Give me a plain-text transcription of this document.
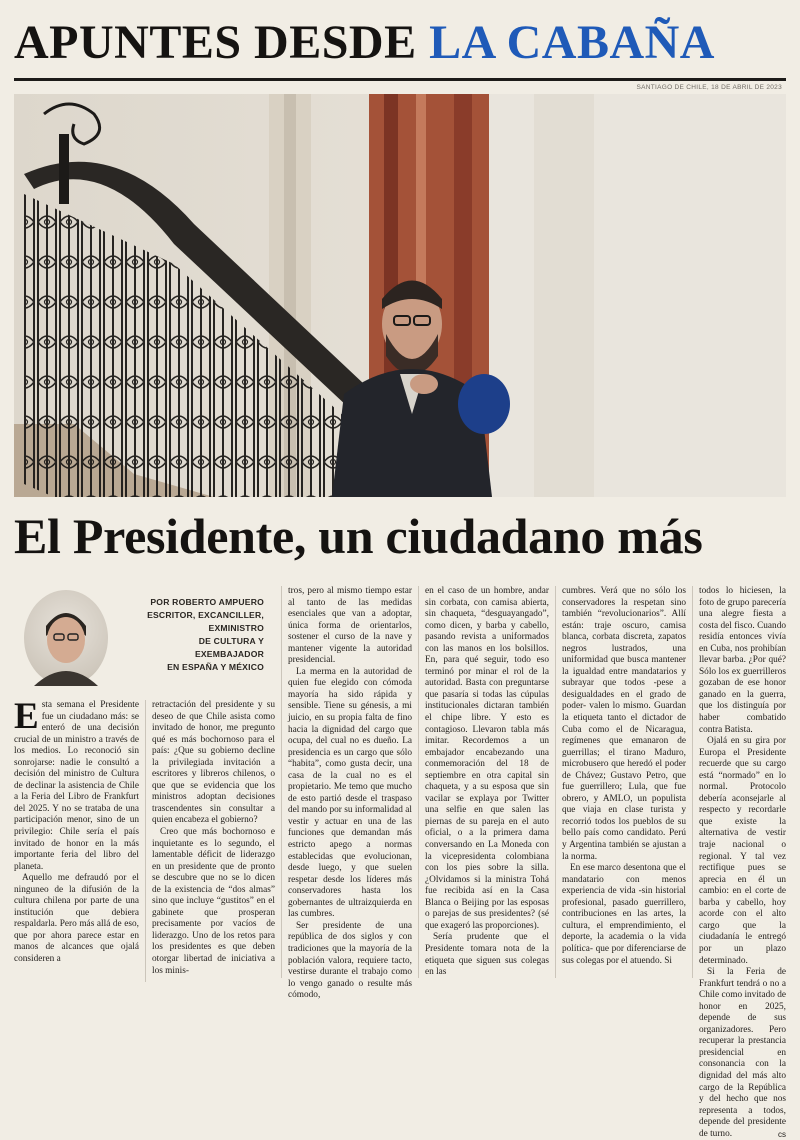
APUNTES DESDE LA CABAÑA
SANTIAGO DE CHILE, 18 DE ABRIL DE 2023
El Presidente, un ciudadano más
POR ROBERTO AMPUERO
ESCRITOR, EXCANCILLER,
EXMINISTRO
DE CULTURA Y
EXEMBAJADOR
EN ESPAÑA Y MÉXICO

Esta semana el Presidente fue un ciudadano más: se enteró de una decisión crucial de un ministro a través de los medios. Lo reconoció sin sonrojarse: nadie le consultó a decisión del ministro de Cultura de declinar la asistencia de Chile a la Feria del Libro de Frankfurt del 2025. Y no se trataba de una participación menor, sino de un privilegio: Chile sería el país invitado de honor en la más importante feria del libro del planeta.

Aquello me defraudó por el ninguneo de la difusión de la cultura chilena por parte de una institución que debiera respaldarla. Pero más allá de eso, que por ahora parece estar en manos de alcances que ojalá consideren a

retractación del presidente y su deseo de que Chile asista como invitado de honor, me pregunto qué es más bochornoso para el país: ¿Que su gobierno decline la privilegiada invitación a escritores y libreros chilenos, o que que se evidencia que los ministros adoptan decisiones trascendentes sin consultar a quien encabeza el gobierno?

Creo que más bochornoso e inquietante es lo segundo, el lamentable déficit de liderazgo en un presidente que de pronto se descubre que no se lo dicen de la existencia de “dos almas” sino que incluye “gustitos” en el gabinete que prosperan precisamente por vacíos de liderazgo. Uno de los retos para los presidentes es que deben otorgar libertad de iniciativa a los minis-

tros, pero al mismo tiempo estar al tanto de las medidas esenciales que van a adoptar, única forma de orientarlos, sostener el curso de la nave y mantener vigente la autoridad presidencial.

La merma en la autoridad de quien fue elegido con cómoda mayoría ha sido rápida y sensible. Tiene su génesis, a mi juicio, en su propia falta de fino hacia la dignidad del cargo que ocupa, del cual no es dueño. La presidencia es un cargo que sólo “habita”, como gusta decir, una casa de la cual no es el propietario. Me temo que mucho de esto partió desde el traspaso del mando por su informalidad al vestir y actuar en una de las funciones que demandan más estricto apego a normas establecidas que evolucionan, desde luego, y que suelen respetar desde los líderes más conservadores hasta los gobernantes de ultraizquierda en las cumbres.

Ser presidente de una república de dos siglos y con tradiciones que la mayoría de la población valora, requiere tacto, vestirse durante el trabajo como lo vengo ganado o resulte más cómodo,

en el caso de un hombre, andar sin corbata, con camisa abierta, sin chaqueta, “desguayangado”, como dicen, y barba y cabello, pasando revista a uniformados con las manos en los bolsillos. En, para qué seguir, todo eso terminó por minar el rol de la autoridad. Basta con preguntarse que pasaría si todas las cúpulas institucionales dictaran también el chipe libre. Y esto es contagioso. Llevaron tabla más imitar. Recordemos a un embajador encabezando una conmemoración del 18 de septiembre en otra capital sin chaqueta, y a su esposa que sin vacilar se explaya por Twitter una selfie en que salen las piernas de su pareja en el auto oficial, o a la primera dama conversando en La Moneda con la vicepresidenta colombiana con los pies sobre la silla. ¿Olvidamos si la ministra Tohá fue recibida así en la Casa Blanca o Beijing por las esposas o parejas de sus presidentes? (sé que exageró las proporciones).

Sería prudente que el Presidente tomara nota de la etiqueta que siguen sus colegas en las

cumbres. Verá que no sólo los conservadores la respetan sino también “revolucionarios”. Allí están: traje oscuro, camisa blanca, corbata discreta, zapatos negros lustrados, una uniformidad que busca mantener la igualdad entre mandatarios y subrayar que todos -pese a desigualdades en el grado de poder- valen lo mismo. Guardan la etiqueta tanto el dictador de Cuba como el de Nicaragua, regímenes que emanaron de guerrillas; el tirano Maduro, microbusero que heredó el poder de Chávez; Gustavo Petro, que fue guerrillero; Lula, que fue obrero, y AMLO, un populista que viaja en clase turista y recorrió todos los pueblos de su bello país como candidato. Perú y Argentina también se ajustan a la norma.

En ese marco desentona que el mandatario con menos experiencia de vida -sin historial profesional, pasado guerrillero, contribuciones en las artes, la cultura, el emprendimiento, el deporte, la academia o la vida política- que por diferenciarse de sus colegas por el atuendo. Si

todos lo hiciesen, la foto de grupo parecería una alegre fiesta a costa del fisco. Cuando residía entonces vivía en Cuba, nos prohibían llevar barba. ¿Por qué? Sólo los ex guerrilleros gozaban de ese honor ganado en la guerra, que los distinguía por haber combatido contra Batista.

Ojalá en su gira por Europa el Presidente recuerde que su cargo está “normado” en lo normal. Protocolo debería aconsejarle al respecto y recordarle que existe la alternativa de vestir traje nacional o regional. Y tal vez rectifique pues se aprecia en él un cambio: en el corte de barba y cabello, hoy acorde con el alto cargo que la ciudadanía le entregó por un plazo determinado.

Si la Feria de Frankfurt tendrá o no a Chile como invitado de honor en 2025, depende de sus organizadores. Pero recuperar la prestancia presidencial en consonancia con la dignidad del más alto cargo de la República y del hecho que nos representa a todos, depende del presidente de turno.	cs
